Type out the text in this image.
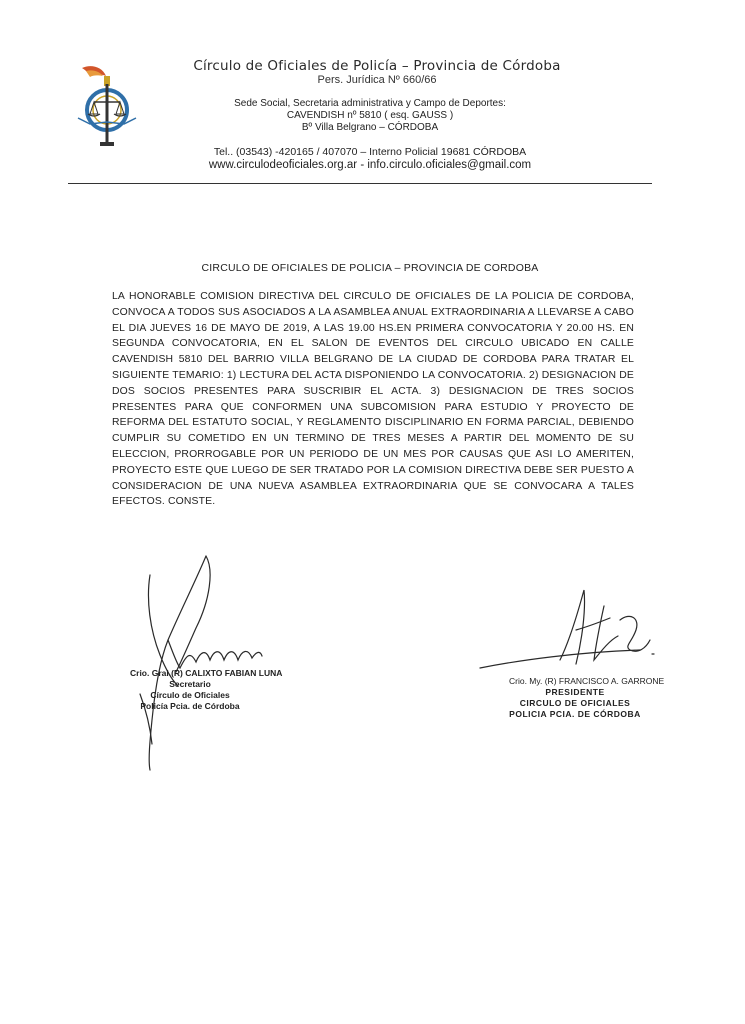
Círculo de Oficiales de Policía – Provincia de Córdoba
Pers. Jurídica Nº 660/66
Sede Social, Secretaria administrativa y Campo de Deportes:
CAVENDISH nº 5810 ( esq. GAUSS )
Bº Villa Belgrano – CÓRDOBA
Tel.. (03543) -420165 / 407070 – Interno Policial 19681 CÓRDOBA
www.circulodeoficiales.org.ar - info.circulo.oficiales@gmail.com
CIRCULO DE OFICIALES DE POLICIA – PROVINCIA DE CORDOBA
LA HONORABLE COMISION DIRECTIVA DEL CIRCULO DE OFICIALES DE LA POLICIA DE CORDOBA, CONVOCA A TODOS SUS ASOCIADOS A LA ASAMBLEA ANUAL EXTRAORDINARIA A LLEVARSE A CABO EL DIA JUEVES 16 DE MAYO DE 2019, A LAS 19.00 HS.EN PRIMERA CONVOCATORIA Y 20.00 HS. EN SEGUNDA CONVOCATORIA, EN EL SALON DE EVENTOS DEL CIRCULO UBICADO EN CALLE CAVENDISH 5810 DEL BARRIO VILLA BELGRANO DE LA CIUDAD DE CORDOBA PARA TRATAR EL SIGUIENTE TEMARIO: 1) LECTURA DEL ACTA DISPONIENDO LA CONVOCATORIA. 2) DESIGNACION DE DOS SOCIOS PRESENTES PARA SUSCRIBIR EL ACTA. 3) DESIGNACION DE TRES SOCIOS PRESENTES PARA QUE CONFORMEN UNA SUBCOMISION PARA ESTUDIO Y PROYECTO DE REFORMA DEL ESTATUTO SOCIAL, Y REGLAMENTO DISCIPLINARIO EN FORMA PARCIAL, DEBIENDO CUMPLIR SU COMETIDO EN UN TERMINO DE TRES MESES A PARTIR DEL MOMENTO DE SU ELECCION, PRORROGABLE POR UN PERIODO DE UN MES POR CAUSAS QUE ASI LO AMERITEN, PROYECTO ESTE QUE LUEGO DE SER TRATADO POR LA COMISION DIRECTIVA DEBE SER PUESTO A CONSIDERACION DE UNA NUEVA ASAMBLEA EXTRAORDINARIA QUE SE CONVOCARA A TALES EFECTOS. CONSTE.
Crio. Gral.(R) CALIXTO FABIAN LUNA
Secretario
Círculo de Oficiales
Policía Pcia. de Córdoba
Crio. My. (R) FRANCISCO A. GARRONE
PRESIDENTE
CIRCULO DE OFICIALES
POLICIA PCIA. DE CÓRDOBA
